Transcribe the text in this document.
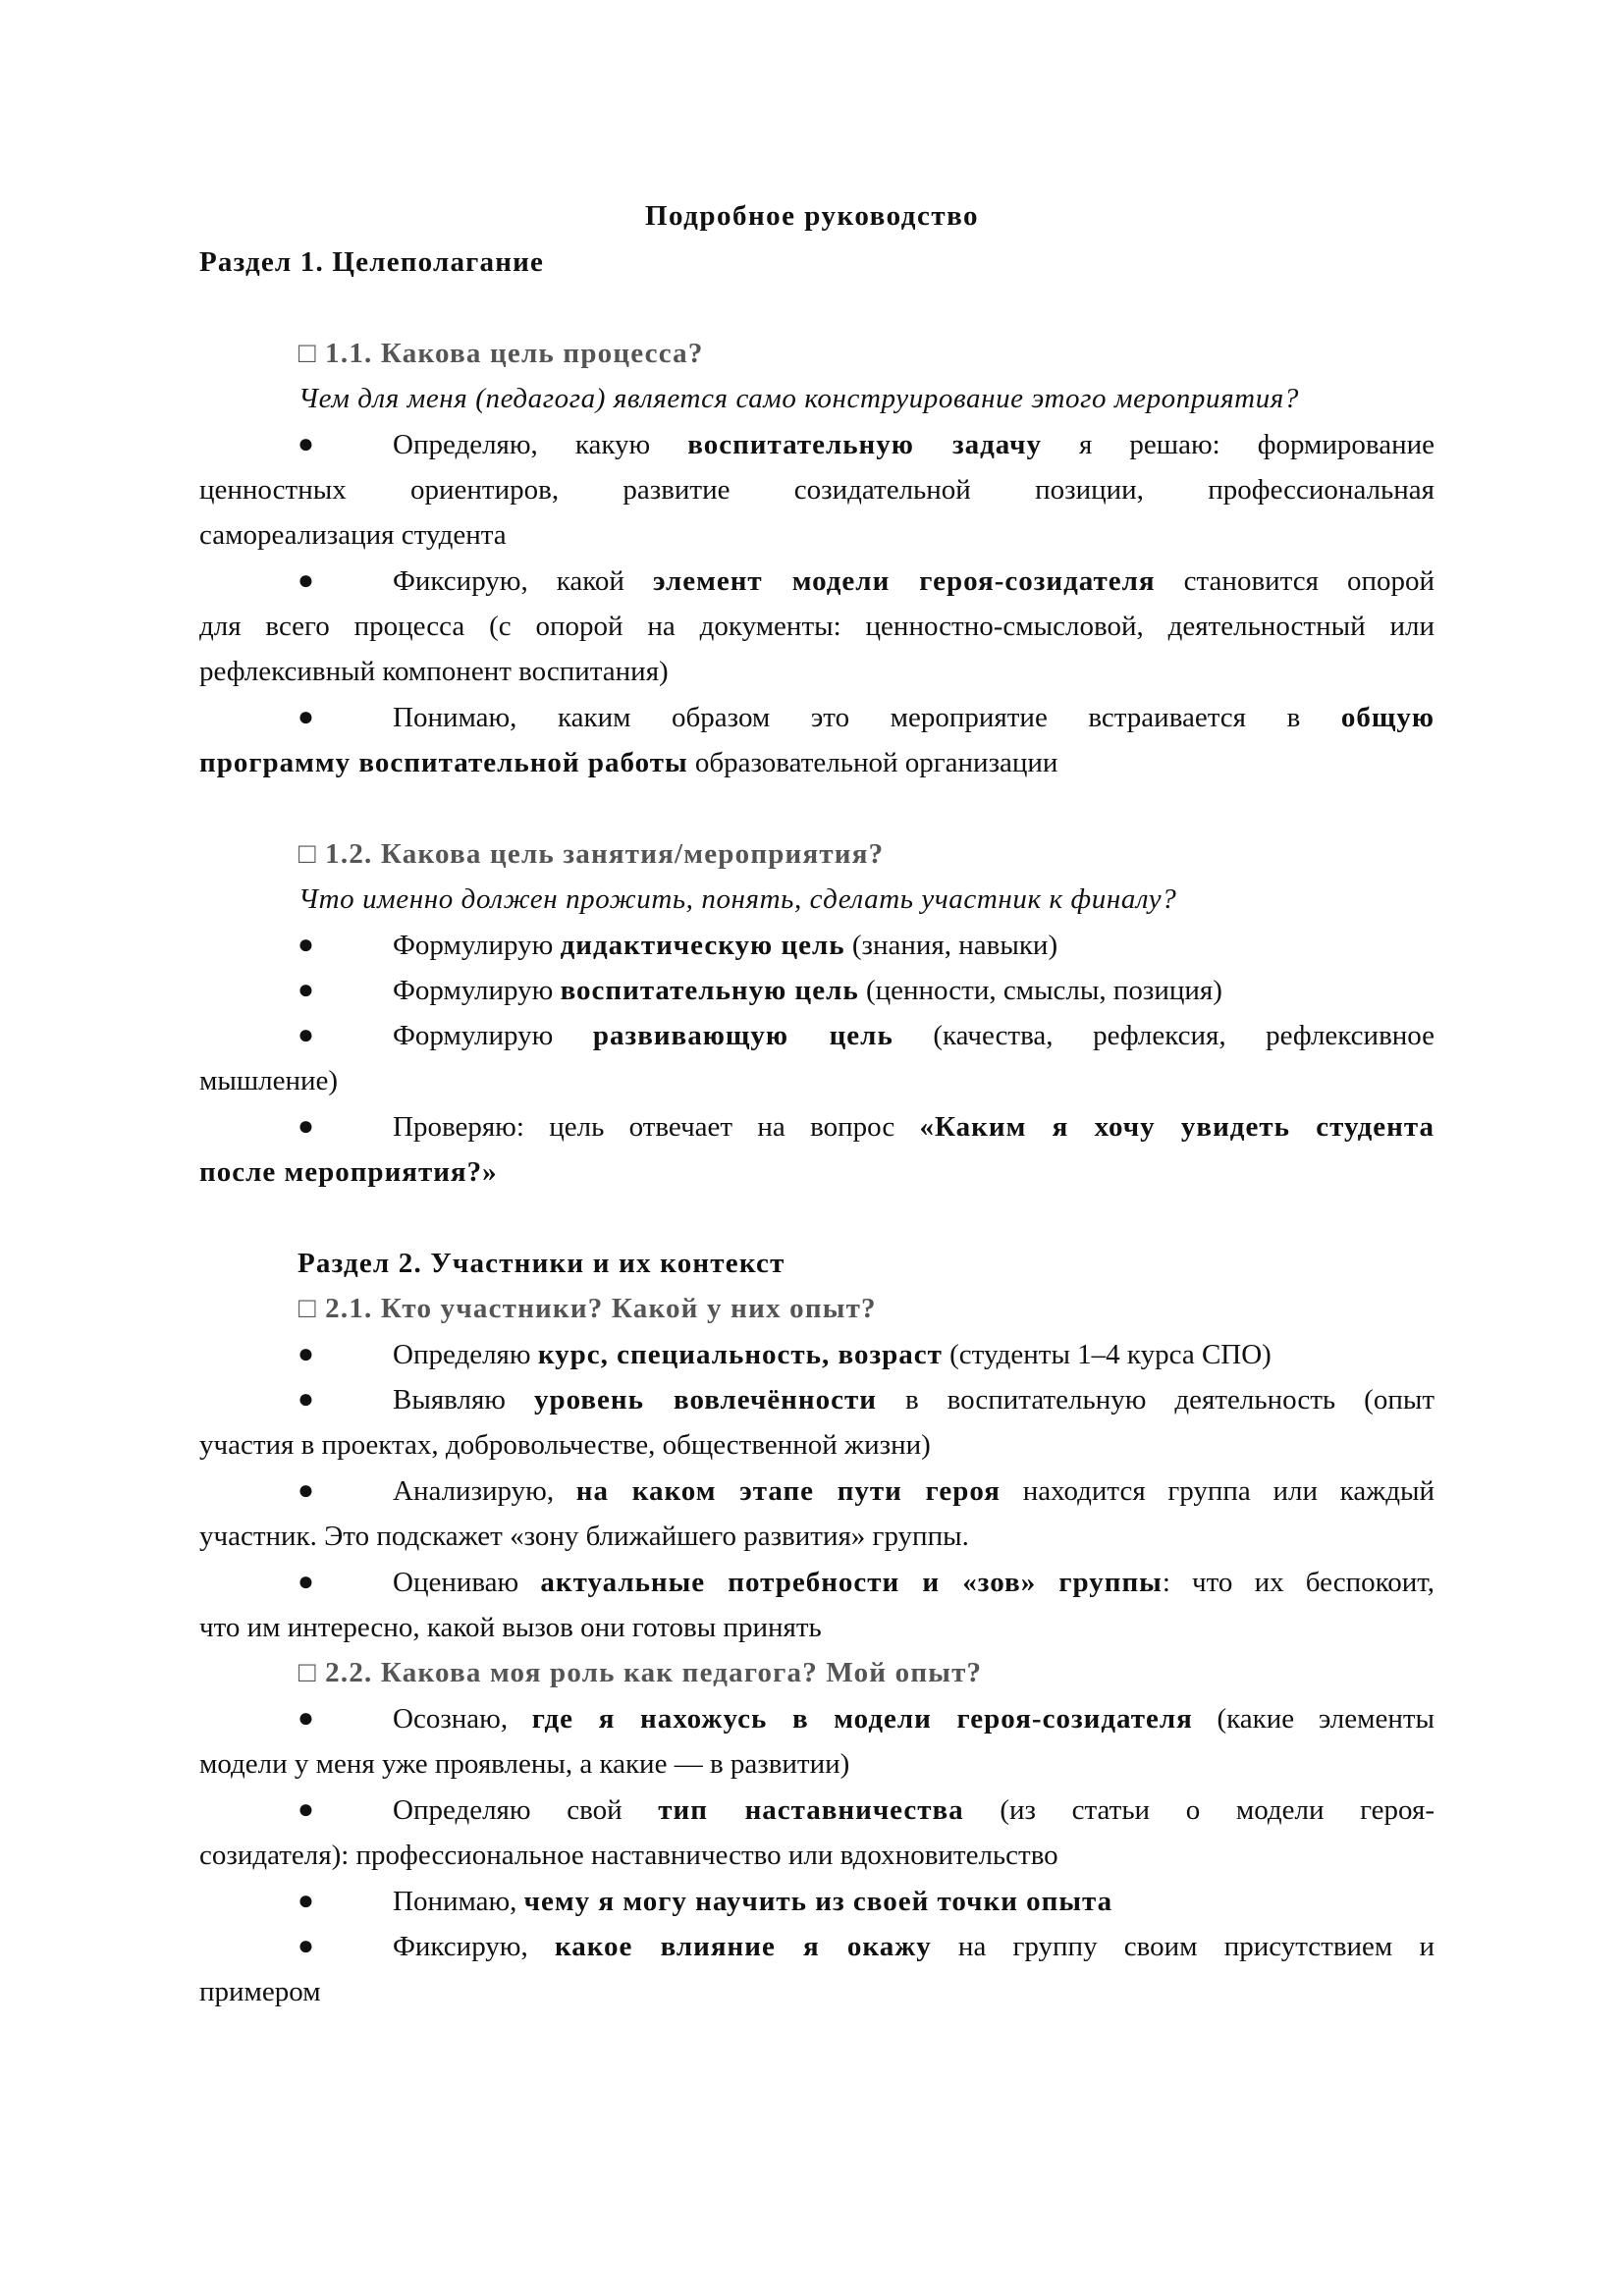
Подробное руководство
Раздел 1. Целеполагание
□ 1.1. Какова цель процесса?
Чем для меня (педагога) является само конструирование этого мероприятия?
●	Определяю, какую воспитательную задачу я решаю: формирование
ценностных ориентиров, развитие созидательной позиции, профессиональная
самореализация студента
●	Фиксирую, какой элемент модели героя-созидателя становится опорой
для всего процесса (с опорой на документы: ценностно-смысловой, деятельностный или
рефлексивный компонент воспитания)
●	Понимаю, каким образом это мероприятие встраивается в общую
программу воспитательной работы образовательной организации
□ 1.2. Какова цель занятия/мероприятия?
Что именно должен прожить, понять, сделать участник к финалу?
●	Формулирую дидактическую цель (знания, навыки)
●	Формулирую воспитательную цель (ценности, смыслы, позиция)
●	Формулирую развивающую цель (качества, рефлексия, рефлексивное
мышление)
●	Проверяю: цель отвечает на вопрос «Каким я хочу увидеть студента
после мероприятия?»
Раздел 2. Участники и их контекст
□ 2.1. Кто участники? Какой у них опыт?
●	Определяю курс, специальность, возраст (студенты 1–4 курса СПО)
●	Выявляю уровень вовлечённости в воспитательную деятельность (опыт
участия в проектах, добровольчестве, общественной жизни)
●	Анализирую, на каком этапе пути героя находится группа или каждый
участник. Это подскажет «зону ближайшего развития» группы.
●	Оцениваю актуальные потребности и «зов» группы: что их беспокоит,
что им интересно, какой вызов они готовы принять
□ 2.2. Какова моя роль как педагога? Мой опыт?
●	Осознаю, где я нахожусь в модели героя-созидателя (какие элементы
модели у меня уже проявлены, а какие — в развитии)
●	Определяю свой тип наставничества (из статьи о модели героя-
созидателя): профессиональное наставничество или вдохновительство
●	Понимаю, чему я могу научить из своей точки опыта
●	Фиксирую, какое влияние я окажу на группу своим присутствием и
примером
